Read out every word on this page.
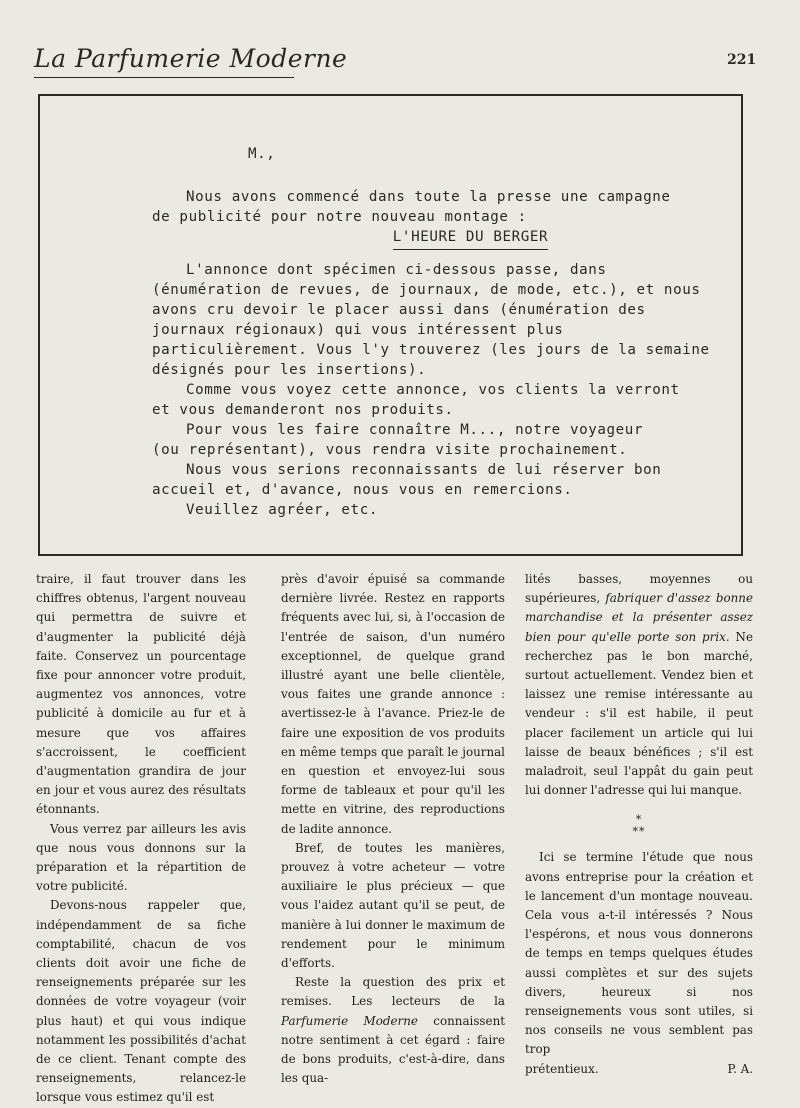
La Parfumerie Moderne	221

M.,

Nous avons commencé dans toute la presse une campagne

de publicité pour notre nouveau montage :

L'HEURE DU BERGER

L'annonce dont spécimen ci-dessous passe, dans

(énumération de revues, de journaux, de mode, etc.), et nous

avons cru devoir le placer aussi dans (énumération des

journaux régionaux) qui vous intéressent plus

particulièrement. Vous l'y trouverez (les jours de la semaine

désignés pour les insertions).

Comme vous voyez cette annonce, vos clients la verront

et vous demanderont nos produits.

Pour vous les faire connaître M..., notre voyageur

(ou représentant), vous rendra visite prochainement.

Nous vous serions reconnaissants de lui réserver bon

accueil et, d'avance, nous vous en remercions.

Veuillez agréer, etc.

traire, il faut trouver dans les chiffres obtenus, l'argent nouveau qui permettra de suivre et d'augmenter la publicité déjà faite. Conservez un pourcentage fixe pour annoncer votre produit, augmentez vos annonces, votre publicité à domicile au fur et à mesure que vos affaires s'accroissent, le coefficient d'augmentation grandira de jour en jour et vous aurez des résultats étonnants.

Vous verrez par ailleurs les avis que nous vous donnons sur la préparation et la répartition de votre publicité.

Devons-nous rappeler que, indépendamment de sa fiche comptabilité, chacun de vos clients doit avoir une fiche de renseignements préparée sur les données de votre voyageur (voir plus haut) et qui vous indique notamment les possibilités d'achat de ce client. Tenant compte des renseignements, relancez-le lorsque vous estimez qu'il est

près d'avoir épuisé sa commande dernière livrée. Restez en rapports fréquents avec lui, si, à l'occasion de l'entrée de saison, d'un numéro exceptionnel, de quelque grand illustré ayant une belle clientèle, vous faites une grande annonce : avertissez-le à l'avance. Priez-le de faire une exposition de vos produits en même temps que paraît le journal en question et envoyez-lui sous forme de tableaux et pour qu'il les mette en vitrine, des reproductions de ladite annonce.

Bref, de toutes les manières, prouvez à votre acheteur — votre auxiliaire le plus précieux — que vous l'aidez autant qu'il se peut, de manière à lui donner le maximum de rendement pour le minimum d'efforts.

Reste la question des prix et remises. Les lecteurs de la Parfumerie Moderne connaissent notre sentiment à cet égard : faire de bons produits, c'est-à-dire, dans les qua-

lités basses, moyennes ou supérieures, fabriquer d'assez bonne marchandise et la présenter assez bien pour qu'elle porte son prix. Ne recherchez pas le bon marché, surtout actuellement. Vendez bien et laissez une remise intéressante au vendeur : s'il est habile, il peut placer facilement un article qui lui laisse de beaux bénéfices ; s'il est maladroit, seul l'appât du gain peut lui donner l'adresse qui lui manque.

*
**

Ici se termine l'étude que nous avons entreprise pour la création et le lancement d'un montage nouveau. Cela vous a-t-il intéressés ? Nous l'espérons, et nous vous donnerons de temps en temps quelques études aussi complètes et sur des sujets divers, heureux si nos renseignements vous sont utiles, si nos conseils ne vous semblent pas trop

prétentieux.	P. A.
